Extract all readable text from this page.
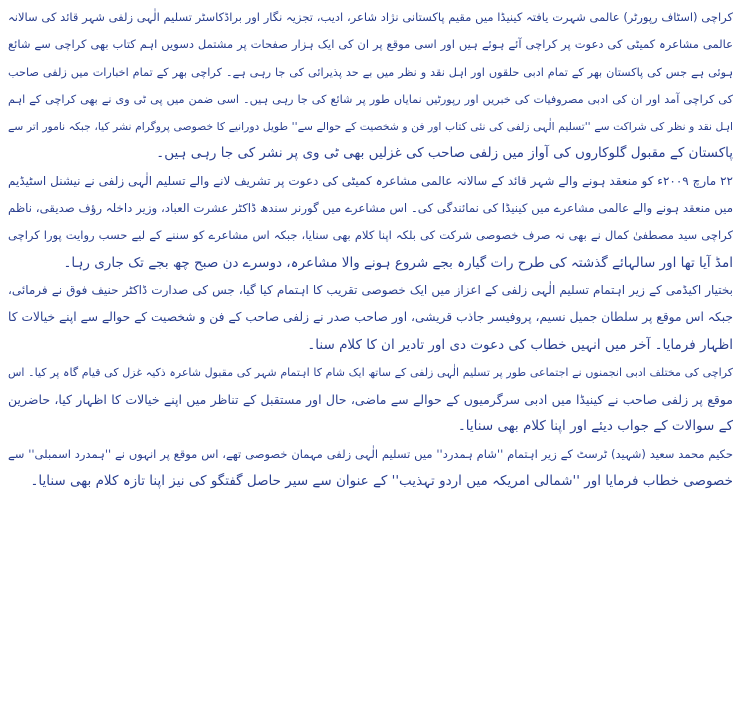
کراچی (اسٹاف رپورٹر) عالمی شہرت یافتہ کینیڈا میں مقیم پاکستانی نژاد شاعر، ادیب، تجزیہ نگار اور براڈکاسٹر تسلیم الٰہی زلفی شہر قائد کی سالانہ
عالمی مشاعرہ کمیٹی کی دعوت پر کراچی آئے ہوئے ہیں اور اسی موقع پر ان کی ایک ہزار صفحات پر مشتمل دسویں اہم کتاب بھی کراچی سے شائع
ہوئی ہے جس کی پاکستان بھر کے تمام ادبی حلقوں اور اہل نقد و نظر میں بے حد پذیرائی کی جا رہی ہے۔ کراچی بھر کے تمام اخبارات میں زلفی صاحب
کی کراچی آمد اور ان کی ادبی مصروفیات کی خبریں اور رپورٹیں نمایاں طور پر شائع کی جا رہی ہیں۔ اسی ضمن میں پی ٹی وی نے بھی کراچی کے اہم
اہل نقد و نظر کی شراکت سے ''تسلیم الٰہی زلفی کی نئی کتاب اور فن و شخصیت کے حوالے سے'' طویل دورانیے کا خصوصی پروگرام نشر کیا، جبکہ نامور اتر سے
پاکستان کے مقبول گلوکاروں کی آواز میں زلفی صاحب کی غزلیں بھی ٹی وی پر نشر کی جا رہی ہیں۔
۲۲ مارچ ۲۰۰۹ء کو منعقد ہونے والے شہر قائد کے سالانہ عالمی مشاعرہ کمیٹی کی دعوت پر تشریف لانے والے تسلیم الٰہی زلفی نے نیشنل اسٹیڈیم
میں منعقد ہونے والے عالمی مشاعرے میں کینیڈا کی نمائندگی کی۔ اس مشاعرے میں گورنر سندھ ڈاکٹر عشرت العباد، وزیر داخلہ رؤف صدیقی، ناظم
کراچی سید مصطفیٰ کمال نے بھی نہ صرف خصوصی شرکت کی بلکہ اپنا کلام بھی سنایا، جبکہ اس مشاعرے کو سننے کے لیے حسب روایت پورا کراچی
امڈ آیا تھا اور سالہائے گذشتہ کی طرح رات گیارہ بجے شروع ہونے والا مشاعرہ، دوسرے دن صبح چھ بجے تک جاری رہا۔
بختیار اکیڈمی کے زیر اہتمام تسلیم الٰہی زلفی کے اعزاز میں ایک خصوصی تقریب کا اہتمام کیا گیا، جس کی صدارت ڈاکٹر حنیف فوق نے فرمائی،
جبکہ اس موقع پر سلطان جمیل نسیم، پروفیسر جاذب قریشی، اور صاحب صدر نے زلفی صاحب کے فن و شخصیت کے حوالے سے اپنے خیالات کا
اظہار فرمایا۔ آخر میں انہیں خطاب کی دعوت دی اور تادیر ان کا کلام سنا۔
کراچی کی مختلف ادبی انجمنوں نے اجتماعی طور پر تسلیم الٰہی زلفی کے ساتھ ایک شام کا اہتمام شہر کی مقبول شاعرہ ذکیہ غزل کی قیام گاہ پر کیا۔ اس
موقع پر زلفی صاحب نے کینیڈا میں ادبی سرگرمیوں کے حوالے سے ماضی، حال اور مستقبل کے تناظر میں اپنے خیالات کا اظہار کیا، حاضرین
کے سوالات کے جواب دیئے اور اپنا کلام بھی سنایا۔
حکیم محمد سعید (شہید) ٹرسٹ کے زیر اہتمام ''شام ہمدرد'' میں تسلیم الٰہی زلفی مہمان خصوصی تھے، اس موقع پر انہوں نے ''ہمدرد اسمبلی'' سے
خصوصی خطاب فرمایا اور ''شمالی امریکہ میں اردو تہذیب'' کے عنوان سے سیر حاصل گفتگو کی نیز اپنا تازہ کلام بھی سنایا۔
